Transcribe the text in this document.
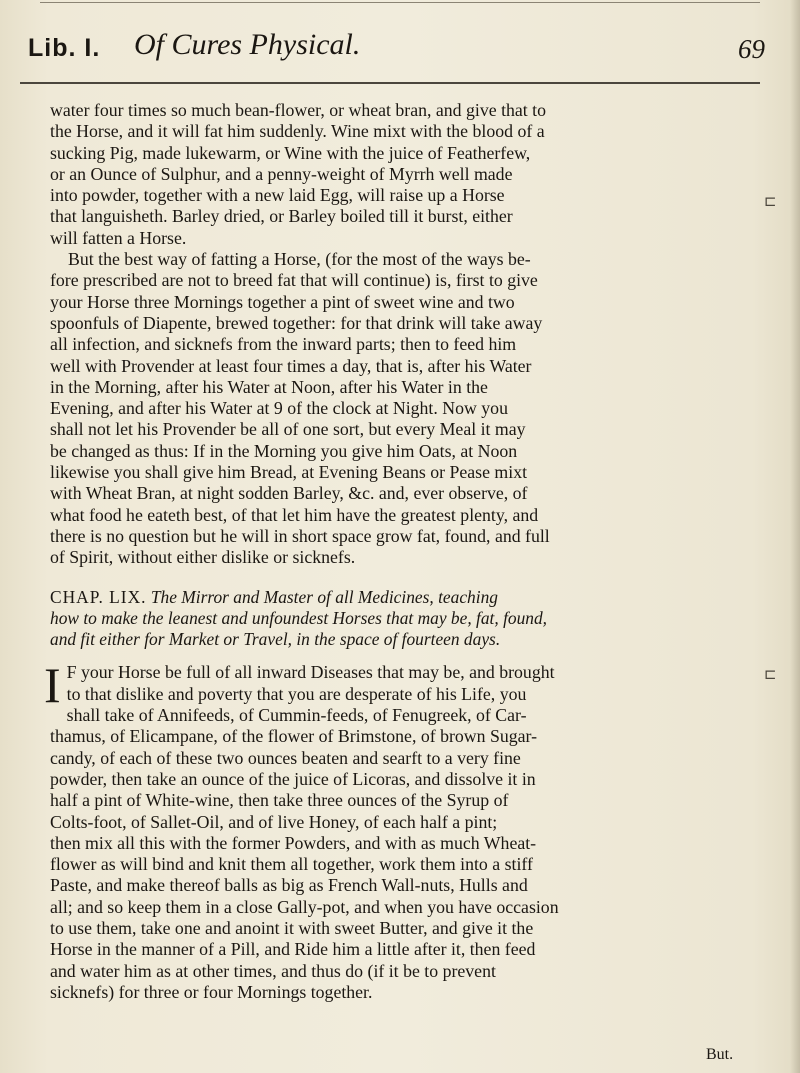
Lib. I. Of Cures Physical.	69
⊏
⊏
water four times so much bean-flower, or wheat bran, and give that to
the Horse, and it will fat him suddenly. Wine mixt with the blood of a
sucking Pig, made lukewarm, or Wine with the juice of Featherfew,
or an Ounce of Sulphur, and a penny-weight of Myrrh well made
into powder, together with a new laid Egg, will raise up a Horse
that languisheth. Barley dried, or Barley boiled till it burst, either
will fatten a Horse.
But the best way of fatting a Horse, (for the most of the ways be-
fore prescribed are not to breed fat that will continue) is, first to give
your Horse three Mornings together a pint of sweet wine and two
spoonfuls of Diapente, brewed together: for that drink will take away
all infection, and sicknefs from the inward parts; then to feed him
well with Provender at least four times a day, that is, after his Water
in the Morning, after his Water at Noon, after his Water in the
Evening, and after his Water at 9 of the clock at Night. Now you
shall not let his Provender be all of one sort, but every Meal it may
be changed as thus: If in the Morning you give him Oats, at Noon
likewise you shall give him Bread, at Evening Beans or Pease mixt
with Wheat Bran, at night sodden Barley, &c. and, ever observe, of
what food he eateth best, of that let him have the greatest plenty, and
there is no question but he will in short space grow fat, found, and full
of Spirit, without either dislike or sicknefs.
CHAP. LIX. The Mirror and Master of all Medicines, teaching
how to make the leanest and unfoundest Horses that may be, fat, found,
and fit either for Market or Travel, in the space of fourteen days.
I F your Horse be full of all inward Diseases that may be, and brought
to that dislike and poverty that you are desperate of his Life, you
shall take of Annifeeds, of Cummin-feeds, of Fenugreek, of Car-
thamus, of Elicampane, of the flower of Brimstone, of brown Sugar-
candy, of each of these two ounces beaten and searft to a very fine
powder, then take an ounce of the juice of Licoras, and dissolve it in
half a pint of White-wine, then take three ounces of the Syrup of
Colts-foot, of Sallet-Oil, and of live Honey, of each half a pint;
then mix all this with the former Powders, and with as much Wheat-
flower as will bind and knit them all together, work them into a stiff
Paste, and make thereof balls as big as French Wall-nuts, Hulls and
all; and so keep them in a close Gally-pot, and when you have occasion
to use them, take one and anoint it with sweet Butter, and give it the
Horse in the manner of a Pill, and Ride him a little after it, then feed
and water him as at other times, and thus do (if it be to prevent
sicknefs) for three or four Mornings together.
But.
